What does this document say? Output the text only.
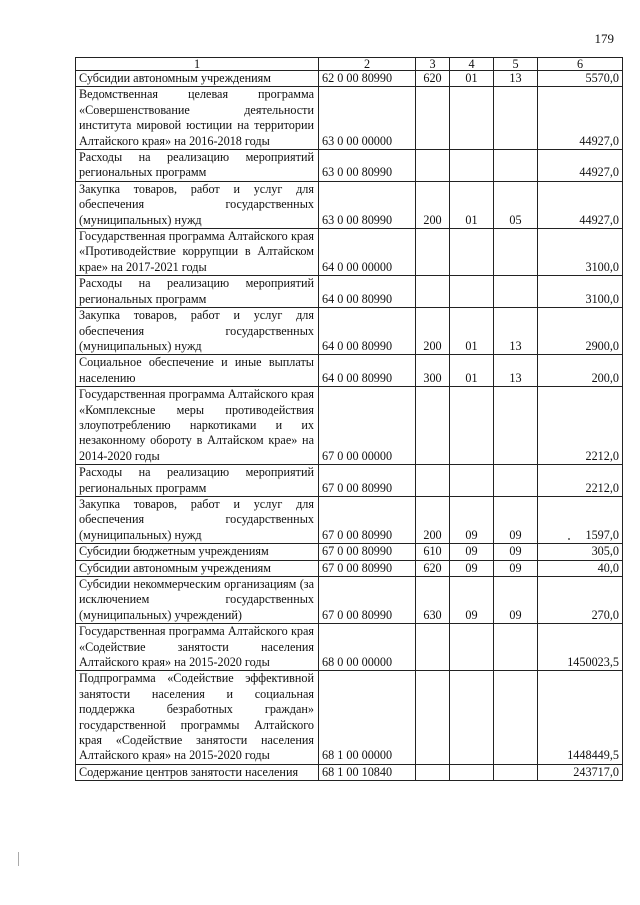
179
1	2	3	4	5	6
Субсидии автономным учреждениям	62 0 00 80990	620	01	13	5570,0
Ведомственная целевая программа «Совершенствование деятельности института мировой юстиции на территории Алтайского края» на 2016-2018 годы	63 0 00 00000				44927,0
Расходы на реализацию мероприятий региональных программ	63 0 00 80990				44927,0
Закупка товаров, работ и услуг для обеспечения государственных (муниципальных) нужд	63 0 00 80990	200	01	05	44927,0
Государственная программа Алтайского края «Противодействие коррупции в Алтайском крае» на 2017-2021 годы	64 0 00 00000				3100,0
Расходы на реализацию мероприятий региональных программ	64 0 00 80990				3100,0
Закупка товаров, работ и услуг для обеспечения государственных (муниципальных) нужд	64 0 00 80990	200	01	13	2900,0
Социальное обеспечение и иные выплаты населению	64 0 00 80990	300	01	13	200,0
Государственная программа Алтайского края «Комплексные меры противодействия злоупотреблению наркотиками и их незаконному обороту в Алтайском крае» на 2014-2020 годы	67 0 00 00000				2212,0
Расходы на реализацию мероприятий региональных программ	67 0 00 80990				2212,0
Закупка товаров, работ и услуг для обеспечения государственных (муниципальных) нужд	67 0 00 80990	200	09	09	1597,0
Субсидии бюджетным учреждениям	67 0 00 80990	610	09	09	305,0
Субсидии автономным учреждениям	67 0 00 80990	620	09	09	40,0
Субсидии некоммерческим организациям (за исключением государственных (муниципальных) учреждений)	67 0 00 80990	630	09	09	270,0
Государственная программа Алтайского края «Содействие занятости населения Алтайского края» на 2015-2020 годы	68 0 00 00000				1450023,5
Подпрограмма «Содействие эффективной занятости населения и социальная поддержка безработных граждан» государственной программы Алтайского края «Содействие занятости населения Алтайского края» на 2015-2020 годы	68 1 00 00000				1448449,5
Содержание центров занятости населения	68 1 00 10840				243717,0
